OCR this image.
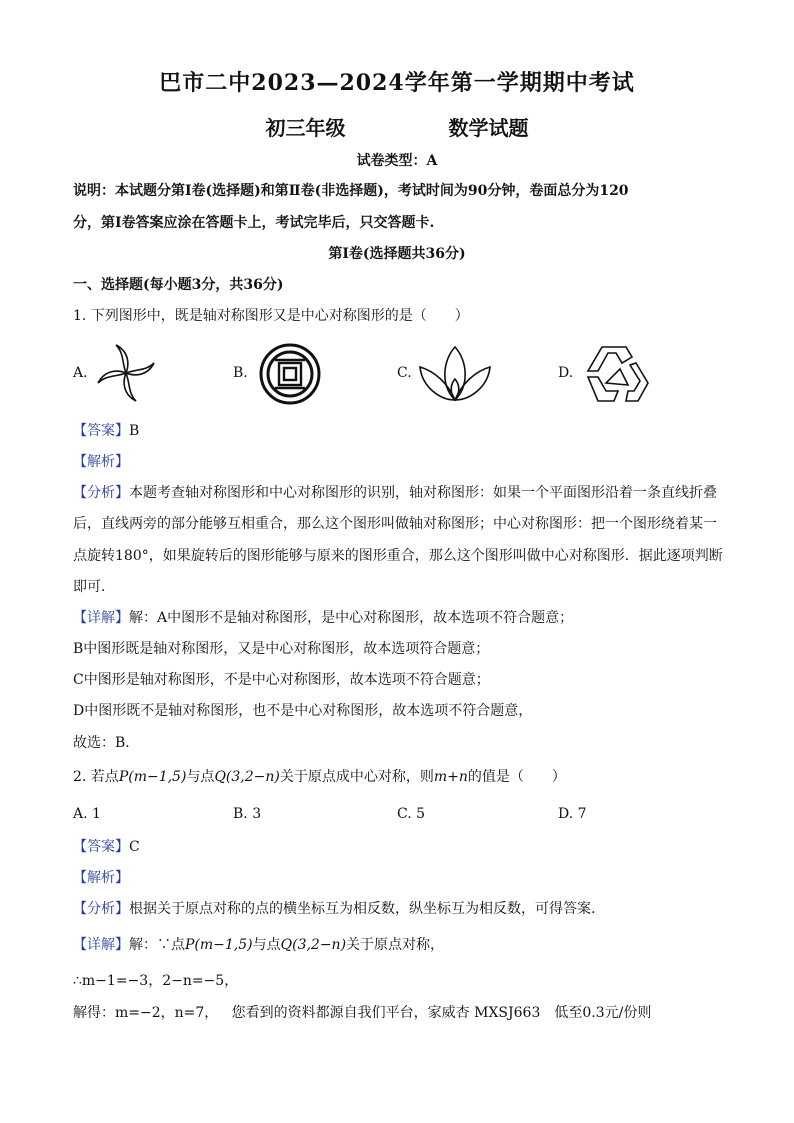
巴市二中2023—2024学年第一学期期中考试
初三年级	数学试题
试卷类型：A
说明：本试题分第Ⅰ卷(选择题)和第Ⅱ卷(非选择题)，考试时间为90分钟，卷面总分为120
分，第Ⅰ卷答案应涂在答题卡上，考试完毕后，只交答题卡.
第Ⅰ卷(选择题共36分)
一、选择题(每小题3分，共36分)
1. 下列图形中，既是轴对称图形又是中心对称图形的是（　　）
A.	B.	C.	D.
【答案】B
【解析】
【分析】本题考查轴对称图形和中心对称图形的识别，轴对称图形：如果一个平面图形沿着一条直线折叠
后，直线两旁的部分能够互相重合，那么这个图形叫做轴对称图形；中心对称图形：把一个图形绕着某一
点旋转180°，如果旋转后的图形能够与原来的图形重合，那么这个图形叫做中心对称图形．据此逐项判断
即可．
【详解】解：A中图形不是轴对称图形，是中心对称图形，故本选项不符合题意；
B中图形既是轴对称图形，又是中心对称图形，故本选项符合题意；
C中图形是轴对称图形，不是中心对称图形，故本选项不符合题意；
D中图形既不是轴对称图形，也不是中心对称图形，故本选项不符合题意，
故选：B．
2. 若点P(m−1,5)与点Q(3,2−n)关于原点成中心对称，则m+n的值是（　　）
A. 1	B. 3	C. 5	D. 7
【答案】C
【解析】
【分析】根据关于原点对称的点的横坐标互为相反数，纵坐标互为相反数，可得答案.
【详解】解：∵点P(m−1,5)与点Q(3,2−n)关于原点对称，
∴m−1=−3，2−n=−5，
解得：m=−2，n=7， 您看到的资料都源自我们平台，家威杏 MXSJ663　低至0.3元/份则
